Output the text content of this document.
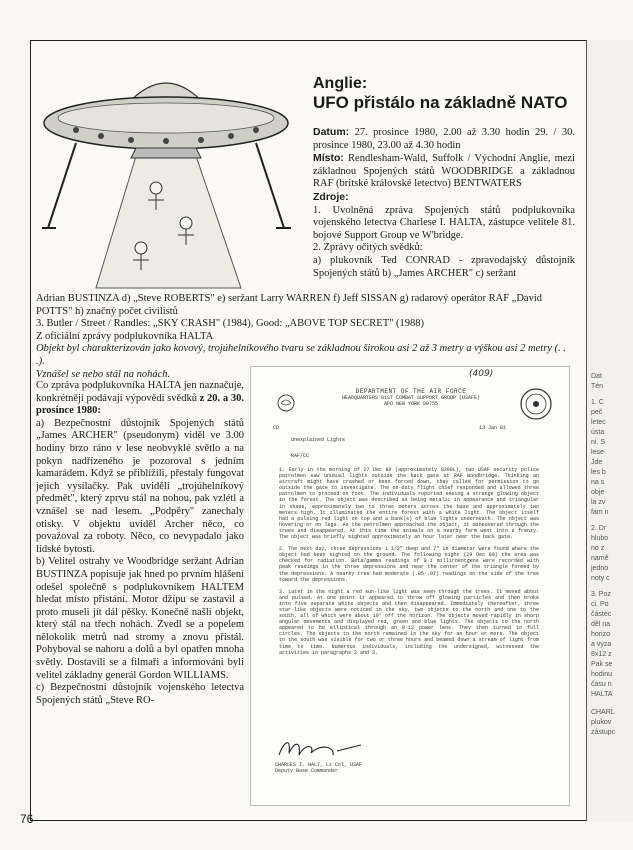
Anglie:
UFO přistálo na základně NATO

Datum: 27. prosince 1980, 2.00 až 3.30 hodin 29. / 30. prosince 1980, 23.00 až 4.30 hodin

Místo: Rendlesham-Wald, Suffolk / Východní Anglie, mezi základnou Spojených států WOODBRIDGE a základnou RAF (britské královské letectvo) BENTWATERS

Zdroje:

1. Uvolněná zpráva Spojených států podplukovníka vojenského letectva Charlese I. HALTA, zástupce velitele 81. bojové Support Group ve W'bridge.

2. Zprávy očitých svědků:

a) plukovník Ted CONRAD - zpravodajský důstojník Spojených států b) „James ARCHER" c) seržant

Adrian BUSTINZA d) „Steve ROBERTS" e) seržant Larry WARREN f) Jeff SISSAN g) radarový operátor RAF „David POTTS" h) značný počet civilistů

3. Butler / Street / Randles: „SKY CRASH" (1984), Good: „ABOVE TOP SECRET" (1988)

Z oficiální zprávy podplukovníka HALTA

Objekt byl charakterizován jako kovový, trojúhelníkového tvaru se základnou širokou asi 2 až 3 metry a výškou asi 2 metry (. . .).

Vznášel se nebo stál na nohách.

Co zpráva podplukovníka HALTA jen naznačuje, konkrétněji podávají výpovědi svědků z 20. a 30. prosince 1980:

a) Bezpečnostní důstojník Spojených států „James ARCHER" (pseudonym) viděl ve 3.00 hodiny brzo ráno v lese neobvyklé světlo a na pokyn nadřízeného je pozoroval s jedním kamarádem. Když se přiblížili, přestaly fungovat jejich vysílačky. Pak uviděli „trojúhelníkový předmět", který zprvu stál na nohou, pak vzlétl a vznášel se nad lesem. „Podpěry" zanechaly otisky. V objektu uviděl Archer něco, co považoval za roboty. Něco, co nevypadalo jako lidské bytosti.

b) Velitel ostrahy ve Woodbridge seržant Adrian BUSTINZA popisuje jak hned po prvním hlášení odešel společně s podplukovníkem HALTEM hledat místo přistání. Motor džípu se zastavil a proto museli jít dál pěšky. Konečně našli objekt, který stál na třech nohách. Zvedl se a popelem nělokolik metrů nad stromy a znovu přistál. Pohyboval se nahoru a dolů a byl opatřen mnoha světly. Dostavili se a filmaři a informováni byli velitel základny generál Gordon WILLIAMS.

c) Bezpečnostní důstojník vojenského letectva Spojených států „Steve RO-

(409)
DEPARTMENT OF THE AIR FORCE
HEADQUARTERS 81ST COMBAT SUPPORT GROUP (USAFE)
APO NEW YORK 09755
CD	13 Jan 81
Unexplained Lights
RAF/CC

1. Early in the morning of 27 Dec 80 (approximately 0300L), two USAF security police patrolmen saw unusual lights outside the back gate at RAF Woodbridge. Thinking an aircraft might have crashed or been forced down, they called for permission to go outside the gate to investigate. The on-duty flight chief responded and allowed three patrolmen to proceed on foot. The individuals reported seeing a strange glowing object in the forest. The object was described as being metalic in appearance and triangular in shape, approximately two to three meters across the base and approximately two meters high. It illuminated the entire forest with a white light. The object itself had a pulsing red light on top and a bank(s) of blue lights underneath. The object was hovering or on legs. As the patrolmen approached the object, it maneuvered through the trees and disappeared. At this time the animals on a nearby farm went into a frenzy. The object was briefly sighted approximately an hour later near the back gate.

2. The next day, three depressions 1 1/2" deep and 7" in diameter were found where the object had been sighted on the ground. The following night (29 Dec 80) the area was checked for radiation. Beta/gamma readings of 0.1 milliroentgens were recorded with peak readings in the three depressions and near the center of the triangle formed by the depressions. A nearby tree had moderate (.05-.07) readings on the side of the tree toward the depressions.

3. Later in the night a red sun-like light was seen through the trees. It moved about and pulsed. At one point it appeared to throw off glowing particles and then broke into five separate white objects and then disappeared. Immediately thereafter, three star-like objects were noticed in the sky, two objects to the north and one to the south, all of which were about 10° off the horizon. The objects moved rapidly in sharp angular movements and displayed red, green and blue lights. The objects to the north appeared to be elliptical through an 8-12 power lens. They then turned to full circles. The objects to the north remained in the sky for an hour or more. The object to the south was visible for two or three hours and beamed down a stream of light from time to time. Numerous individuals, including the undersigned, witnessed the activities in paragraphs 2 and 3.

CHARLES I. HALT, Lt Col, USAF
Deputy Base Commander
Dat
Tén
1. C
peč
letec
ústa
ni. S
lese
Jde
les b
na s
obje
la zv
fam n
2. Dr
hlubo
no z
namě
jedno
noty c
3. Poz
ci. Po
částec
děl na
horizo
a vyza
8x12 z
Pak se
hodinu
času n
HALTA
CHARL
plukov
zástupc
76
